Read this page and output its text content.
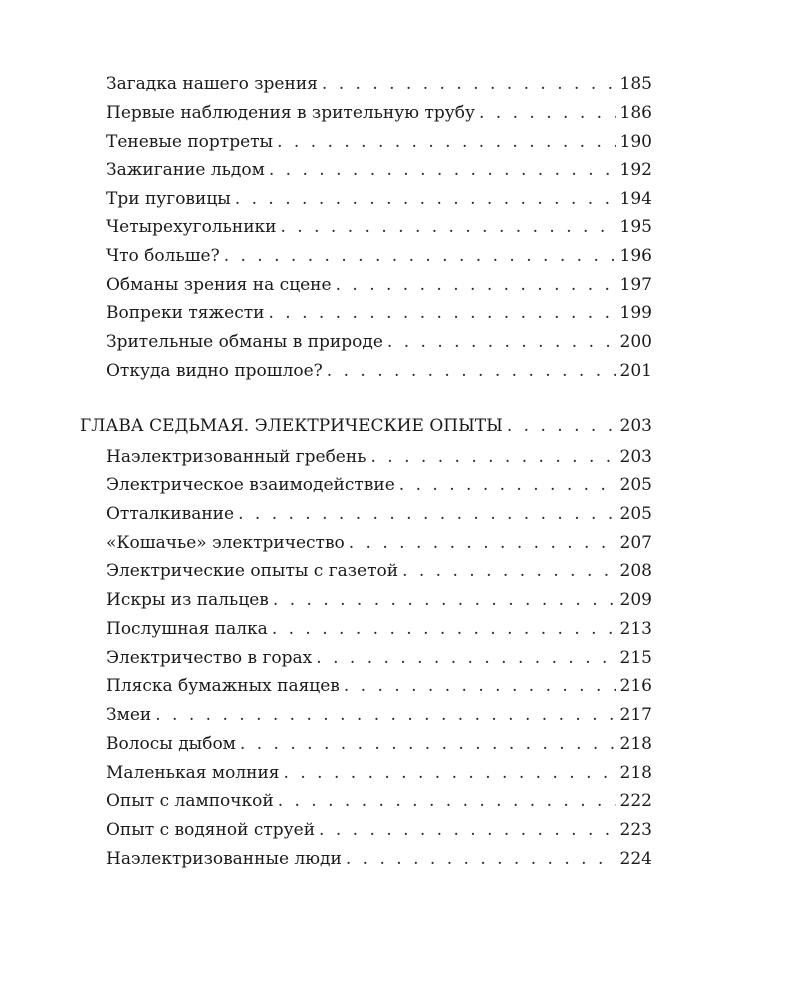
Загадка нашего зрения . . .	185
Первые наблюдения в зрительную трубу . . .	186
Теневые портреты . . .	190
Зажигание льдом . . .	192
Три пуговицы . . .	194
Четырехугольники . . .	195
Что больше? . . .	196
Обманы зрения на сцене . . .	197
Вопреки тяжести . . .	199
Зрительные обманы в природе . . .	200
Откуда видно прошлое? . . .	201
ГЛАВА СЕДЬМАЯ. ЭЛЕКТРИЧЕСКИЕ ОПЫТЫ . . .	203
Наэлектризованный гребень . . .	203
Электрическое взаимодействие . . .	205
Отталкивание . . .	205
«Кошачье» электричество . . .	207
Электрические опыты с газетой . . .	208
Искры из пальцев . . .	209
Послушная палка . . .	213
Электричество в горах . . .	215
Пляска бумажных паяцев . . .	216
Змеи . . .	217
Волосы дыбом . . .	218
Маленькая молния . . .	218
Опыт с лампочкой . . .	222
Опыт с водяной струей . . .	223
Наэлектризованные люди . . .	224
